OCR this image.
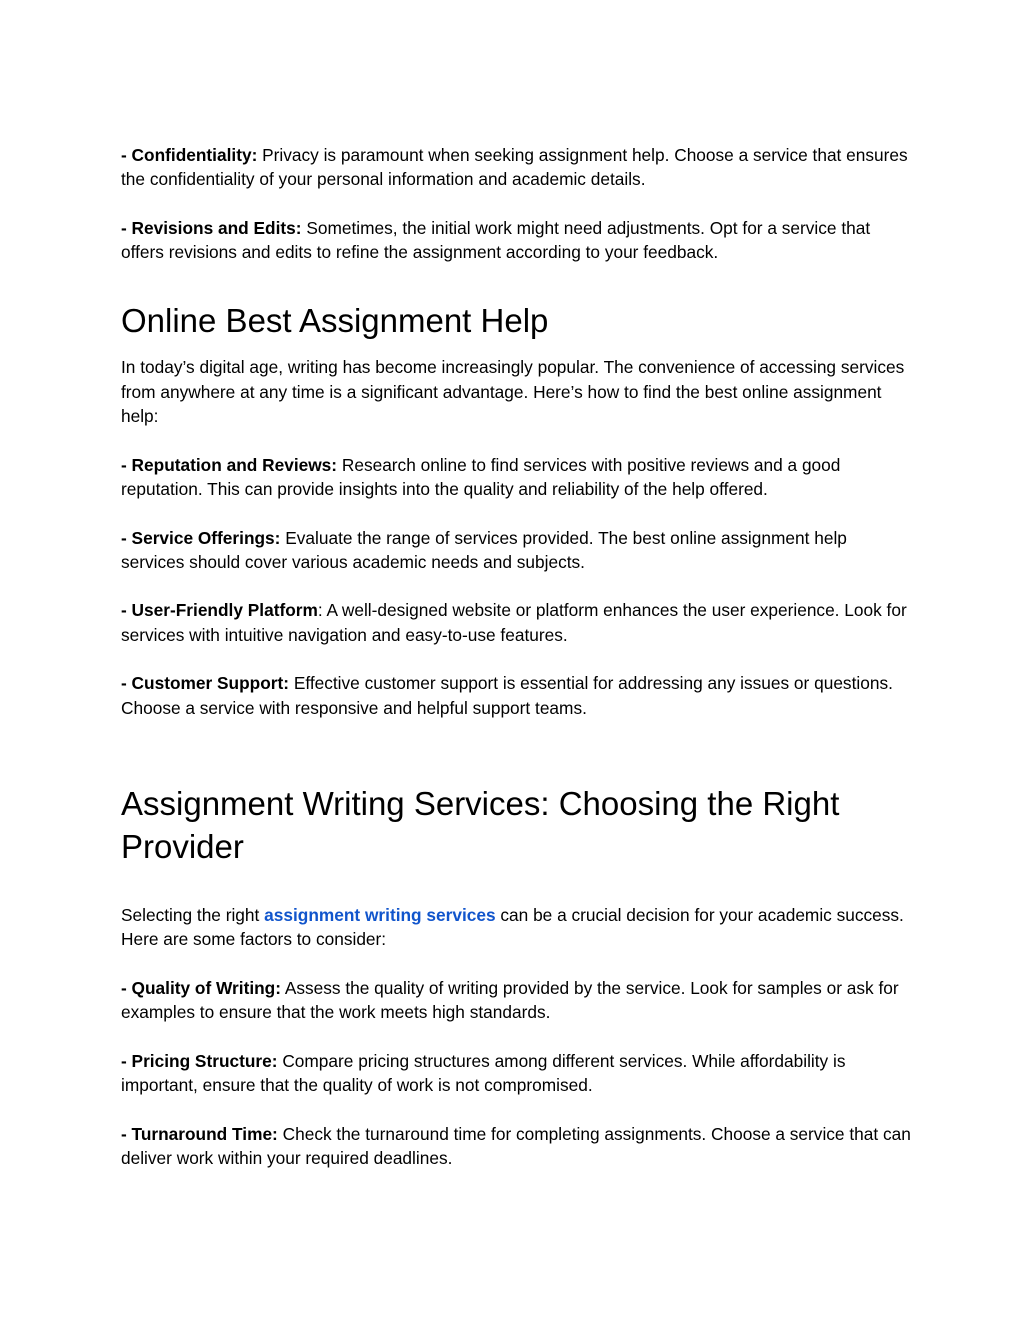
- Confidentiality: Privacy is paramount when seeking assignment help. Choose a service that ensures the confidentiality of your personal information and academic details.

- Revisions and Edits: Sometimes, the initial work might need adjustments. Opt for a service that offers revisions and edits to refine the assignment according to your feedback.

Online Best Assignment Help

In today’s digital age, writing has become increasingly popular. The convenience of accessing services from anywhere at any time is a significant advantage. Here’s how to find the best online assignment help:

- Reputation and Reviews: Research online to find services with positive reviews and a good reputation. This can provide insights into the quality and reliability of the help offered.

- Service Offerings: Evaluate the range of services provided. The best online assignment help services should cover various academic needs and subjects.

- User-Friendly Platform: A well-designed website or platform enhances the user experience. Look for services with intuitive navigation and easy-to-use features.

- Customer Support: Effective customer support is essential for addressing any issues or questions. Choose a service with responsive and helpful support teams.

Assignment Writing Services: Choosing the Right Provider

Selecting the right assignment writing services can be a crucial decision for your academic success. Here are some factors to consider:

- Quality of Writing: Assess the quality of writing provided by the service. Look for samples or ask for examples to ensure that the work meets high standards.

- Pricing Structure: Compare pricing structures among different services. While affordability is important, ensure that the quality of work is not compromised.

- Turnaround Time: Check the turnaround time for completing assignments. Choose a service that can deliver work within your required deadlines.
